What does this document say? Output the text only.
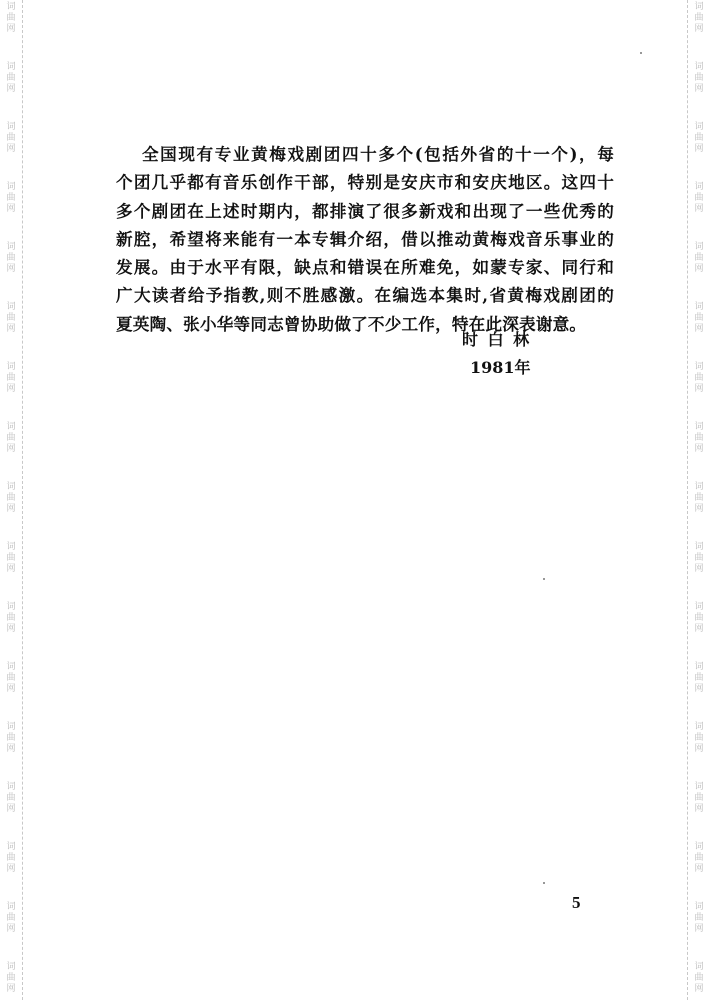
词
曲
网
词
曲
网
词
曲
网
词
曲
网
词
曲
网
词
曲
网
词
曲
网
词
曲
网
词
曲
网
词
曲
网
词
曲
网
词
曲
网
词
曲
网
词
曲
网
词
曲
网
词
曲
网
词
曲
网
词
曲
网
词
曲
网
词
曲
网
词
曲
网
词
曲
网
词
曲
网
词
曲
网
词
曲
网
词
曲
网
词
曲
网
词
曲
网
词
曲
网
词
曲
网
词
曲
网
词
曲
网
词
曲
网
词
曲
网
全国现有专业黄梅戏剧团四十多个(包括外省的十一个)，每
个团几乎都有音乐创作干部，特别是安庆市和安庆地区。这四十
多个剧团在上述时期内，都排演了很多新戏和出现了一些优秀的
新腔，希望将来能有一本专辑介绍，借以推动黄梅戏音乐事业的
发展。由于水平有限，缺点和错误在所难免，如蒙专家、同行和
广大读者给予指教,则不胜感激。在编选本集时,省黄梅戏剧团的
夏英陶、张小华等同志曾协助做了不少工作，特在此深表谢意。
时 白 林
1981年
5
